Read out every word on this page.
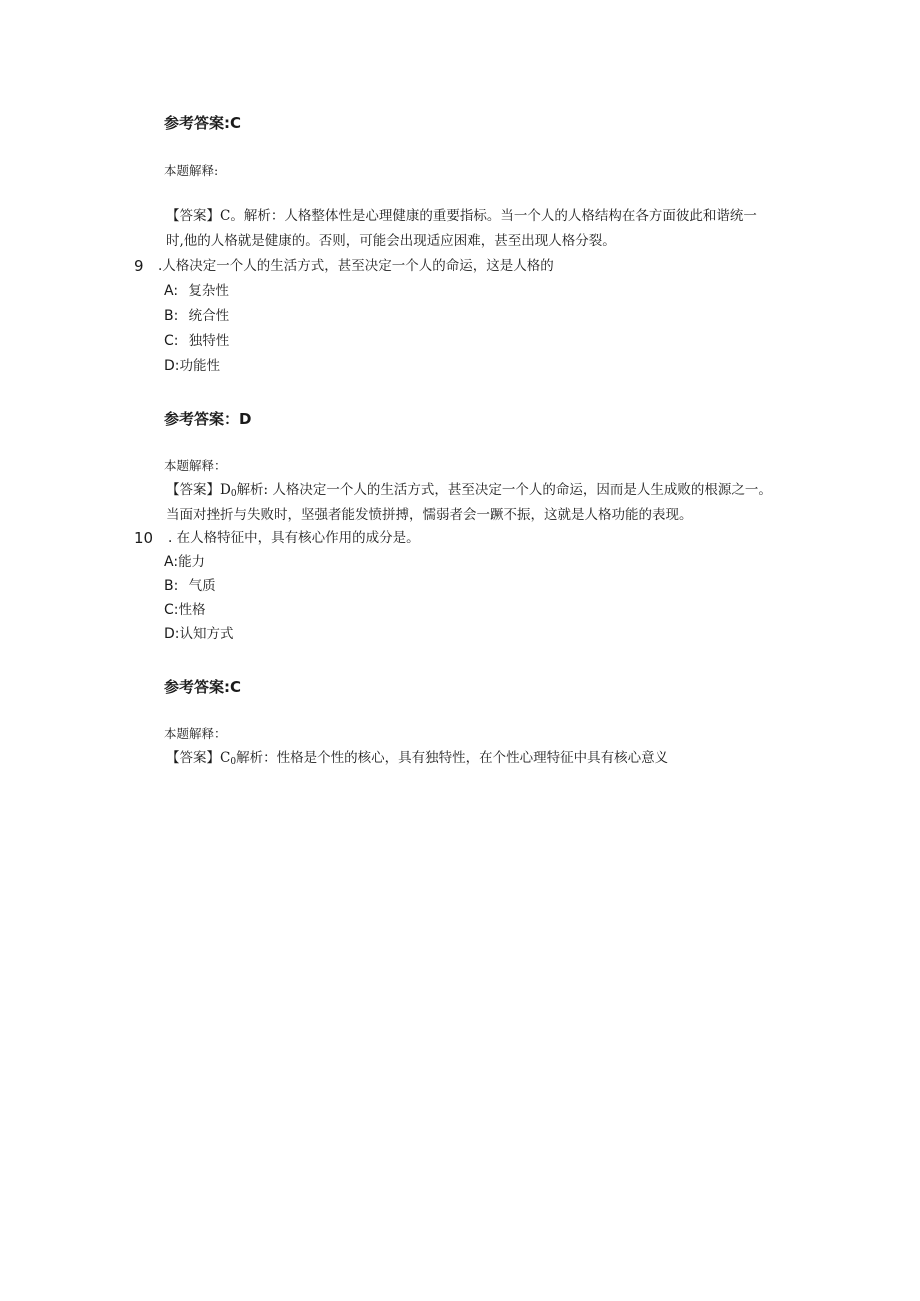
参考答案:C
本题解释:
【答案】C。解析：人格整体性是心理健康的重要指标。当一个人的人格结构在各方面彼此和谐统一
时,他的人格就是健康的。否则，可能会出现适应困难，甚至出现人格分裂。
9 .人格决定一个人的生活方式，甚至决定一个人的命运，这是人格的
A: 复杂性
B: 统合性
C: 独特性
D:功能性
参考答案：D
本题解释：
【答案】$D_0$解析: 人格决定一个人的生活方式，甚至决定一个人的命运，因而是人生成败的根源之一。
当面对挫折与失败时，坚强者能发愤拼搏，懦弱者会一蹶不振，这就是人格功能的表现。
10 . 在人格特征中，具有核心作用的成分是。
A:能力
B: 气质
C:性格
D:认知方式
参考答案:C
本题解释：
【答案】$C_0$解析：性格是个性的核心，具有独特性，在个性心理特征中具有核心意义
